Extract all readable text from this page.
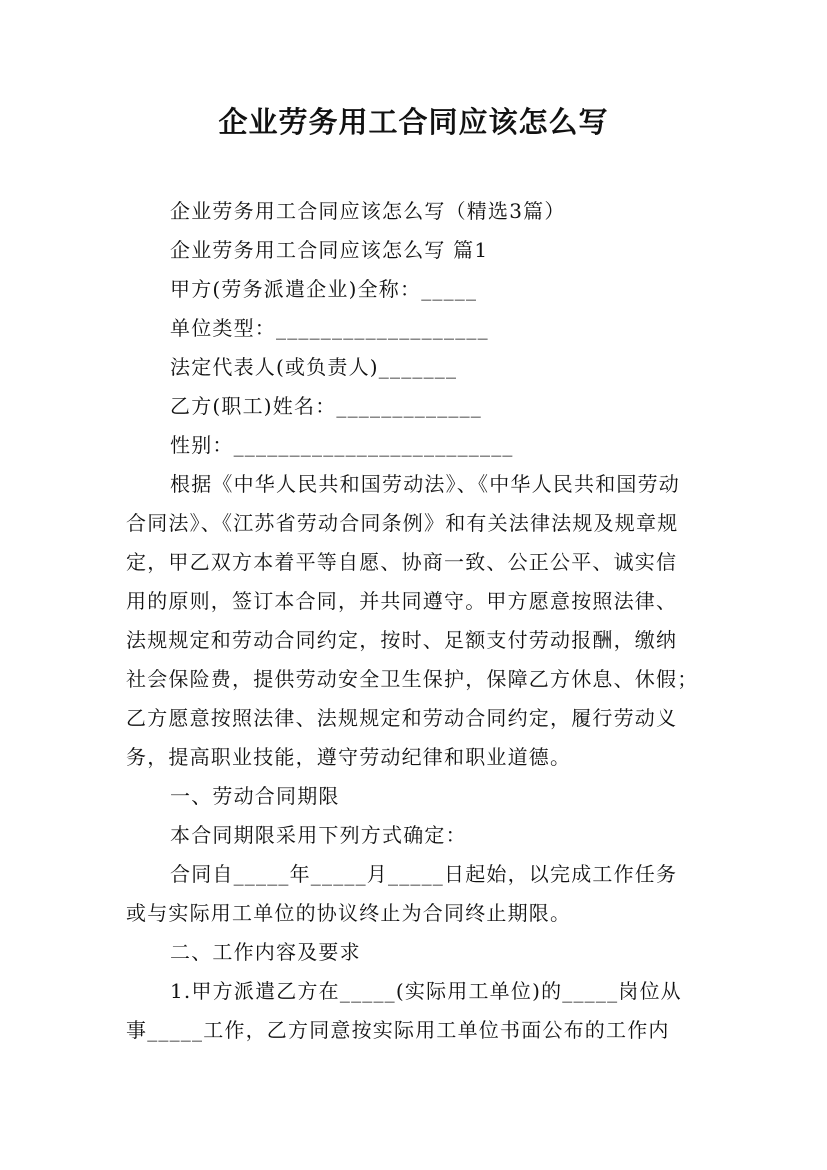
企业劳务用工合同应该怎么写
企业劳务用工合同应该怎么写（精选3篇）
企业劳务用工合同应该怎么写 篇1
甲方(劳务派遣企业)全称：_____
单位类型：___________________
法定代表人(或负责人)_______
乙方(职工)姓名：_____________
性别：_________________________
根据《中华人民共和国劳动法》、《中华人民共和国劳动
合同法》、《江苏省劳动合同条例》和有关法律法规及规章规
定，甲乙双方本着平等自愿、协商一致、公正公平、诚实信
用的原则，签订本合同，并共同遵守。甲方愿意按照法律、
法规规定和劳动合同约定，按时、足额支付劳动报酬，缴纳
社会保险费，提供劳动安全卫生保护，保障乙方休息、休假；
乙方愿意按照法律、法规规定和劳动合同约定，履行劳动义
务，提高职业技能，遵守劳动纪律和职业道德。
一、劳动合同期限
本合同期限采用下列方式确定：
合同自_____年_____月_____日起始，以完成工作任务
或与实际用工单位的协议终止为合同终止期限。
二、工作内容及要求
1.甲方派遣乙方在_____(实际用工单位)的_____岗位从
事_____工作，乙方同意按实际用工单位书面公布的工作内
